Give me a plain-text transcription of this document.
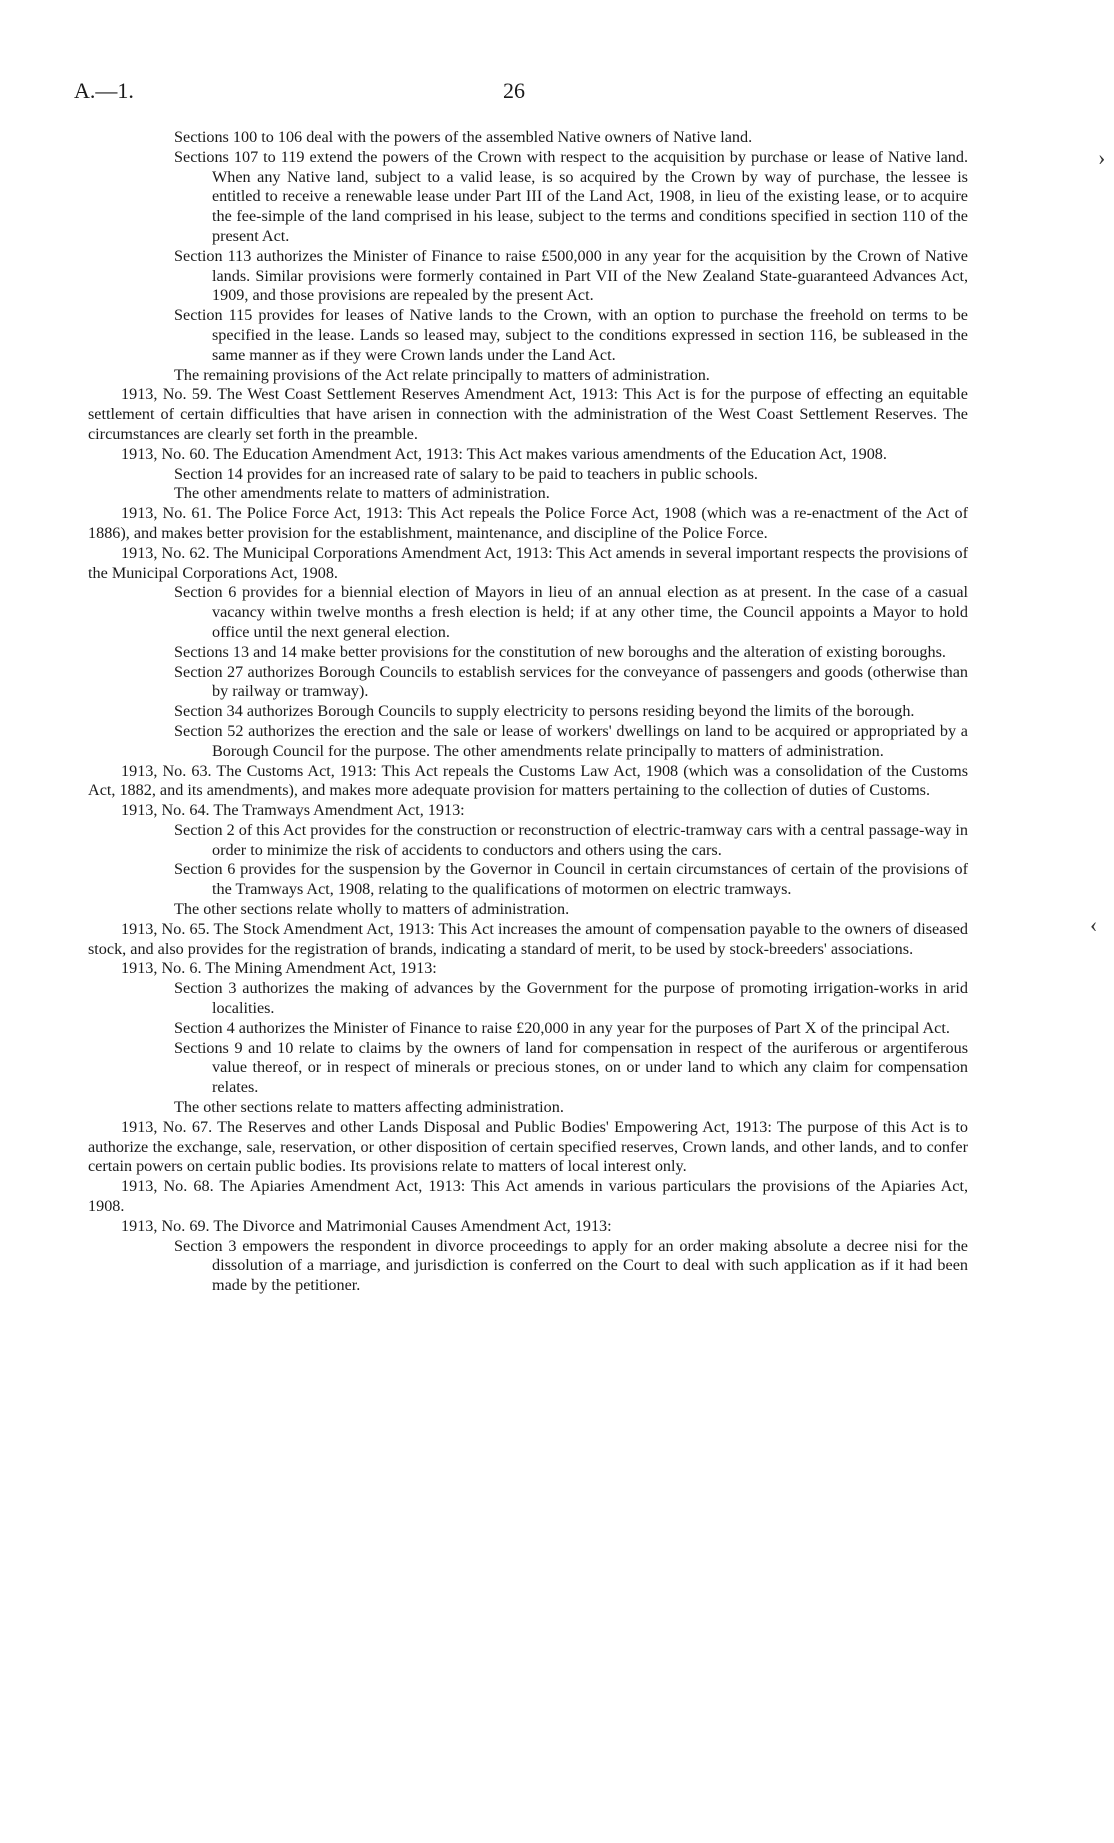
A.—1.	26

Sections 100 to 106 deal with the powers of the assembled Native owners of Native land.

Sections 107 to 119 extend the powers of the Crown with respect to the acquisition by purchase or lease of Native land. When any Native land, subject to a valid lease, is so acquired by the Crown by way of purchase, the lessee is entitled to receive a renewable lease under Part III of the Land Act, 1908, in lieu of the existing lease, or to acquire the fee-simple of the land comprised in his lease, subject to the terms and conditions specified in section 110 of the present Act.

Section 113 authorizes the Minister of Finance to raise £500,000 in any year for the acquisition by the Crown of Native lands. Similar provisions were formerly contained in Part VII of the New Zealand State-guaranteed Advances Act, 1909, and those provisions are repealed by the present Act.

Section 115 provides for leases of Native lands to the Crown, with an option to purchase the freehold on terms to be specified in the lease. Lands so leased may, subject to the conditions expressed in section 116, be subleased in the same manner as if they were Crown lands under the Land Act.

The remaining provisions of the Act relate principally to matters of administration.

1913, No. 59. The West Coast Settlement Reserves Amendment Act, 1913: This Act is for the purpose of effecting an equitable settlement of certain difficulties that have arisen in connection with the administration of the West Coast Settlement Reserves. The circumstances are clearly set forth in the preamble.

1913, No. 60. The Education Amendment Act, 1913: This Act makes various amendments of the Education Act, 1908.

Section 14 provides for an increased rate of salary to be paid to teachers in public schools.

The other amendments relate to matters of administration.

1913, No. 61. The Police Force Act, 1913: This Act repeals the Police Force Act, 1908 (which was a re-enactment of the Act of 1886), and makes better provision for the establishment, maintenance, and discipline of the Police Force.

1913, No. 62. The Municipal Corporations Amendment Act, 1913: This Act amends in several important respects the provisions of the Municipal Corporations Act, 1908.

Section 6 provides for a biennial election of Mayors in lieu of an annual election as at present. In the case of a casual vacancy within twelve months a fresh election is held; if at any other time, the Council appoints a Mayor to hold office until the next general election.

Sections 13 and 14 make better provisions for the constitution of new boroughs and the alteration of existing boroughs.

Section 27 authorizes Borough Councils to establish services for the conveyance of passengers and goods (otherwise than by railway or tramway).

Section 34 authorizes Borough Councils to supply electricity to persons residing beyond the limits of the borough.

Section 52 authorizes the erection and the sale or lease of workers' dwellings on land to be acquired or appropriated by a Borough Council for the purpose. The other amendments relate principally to matters of administration.

1913, No. 63. The Customs Act, 1913: This Act repeals the Customs Law Act, 1908 (which was a consolidation of the Customs Act, 1882, and its amendments), and makes more adequate provision for matters pertaining to the collection of duties of Customs.

1913, No. 64. The Tramways Amendment Act, 1913:

Section 2 of this Act provides for the construction or reconstruction of electric-tramway cars with a central passage-way in order to minimize the risk of accidents to conductors and others using the cars.

Section 6 provides for the suspension by the Governor in Council in certain circumstances of certain of the provisions of the Tramways Act, 1908, relating to the qualifications of motormen on electric tramways.

The other sections relate wholly to matters of administration.

1913, No. 65. The Stock Amendment Act, 1913: This Act increases the amount of compensation payable to the owners of diseased stock, and also provides for the registration of brands, indicating a standard of merit, to be used by stock-breeders' associations.

1913, No. 6. The Mining Amendment Act, 1913:

Section 3 authorizes the making of advances by the Government for the purpose of promoting irrigation-works in arid localities.

Section 4 authorizes the Minister of Finance to raise £20,000 in any year for the purposes of Part X of the principal Act.

Sections 9 and 10 relate to claims by the owners of land for compensation in respect of the auriferous or argentiferous value thereof, or in respect of minerals or precious stones, on or under land to which any claim for compensation relates.

The other sections relate to matters affecting administration.

1913, No. 67. The Reserves and other Lands Disposal and Public Bodies' Empowering Act, 1913: The purpose of this Act is to authorize the exchange, sale, reservation, or other disposition of certain specified reserves, Crown lands, and other lands, and to confer certain powers on certain public bodies. Its provisions relate to matters of local interest only.

1913, No. 68. The Apiaries Amendment Act, 1913: This Act amends in various particulars the provisions of the Apiaries Act, 1908.

1913, No. 69. The Divorce and Matrimonial Causes Amendment Act, 1913:

Section 3 empowers the respondent in divorce proceedings to apply for an order making absolute a decree nisi for the dissolution of a marriage, and jurisdiction is conferred on the Court to deal with such application as if it had been made by the petitioner.

›
‹
